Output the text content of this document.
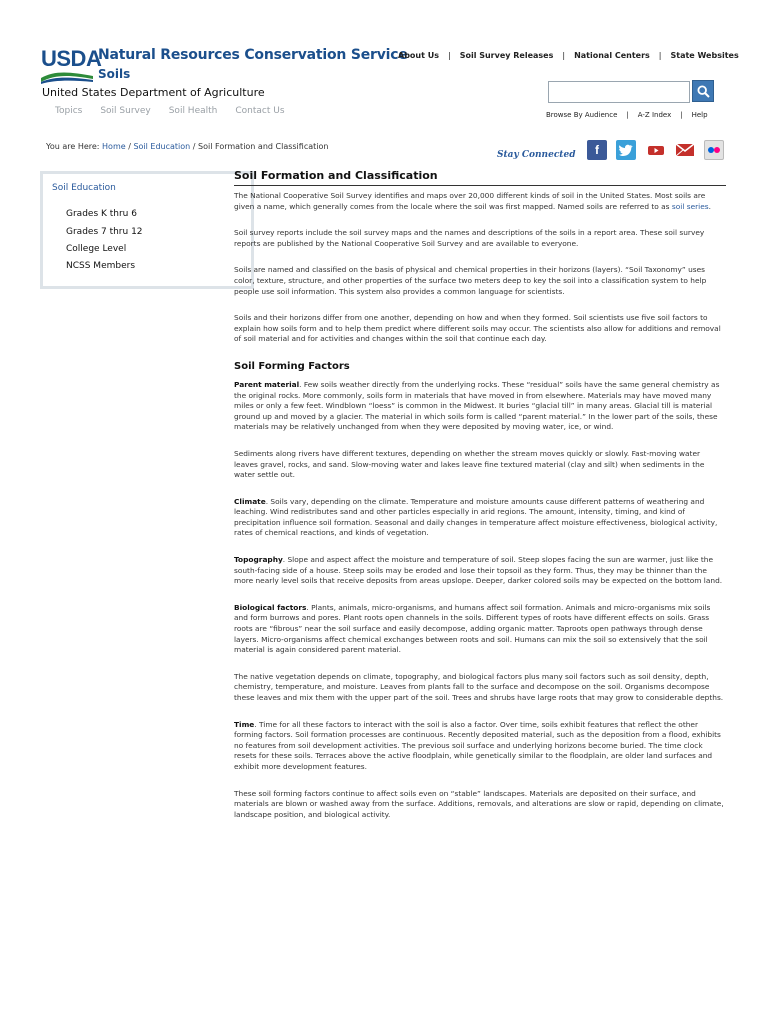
USDA
Natural Resources Conservation Service
Soils
United States Department of Agriculture
About Us | Soil Survey Releases | National Centers | State Websites
Browse By Audience | A-Z Index | Help
Topics Soil Survey Soil Health Contact Us
You are Here: Home / Soil Education / Soil Formation and Classification
Stay Connected	f
Soil Education
Grades K thru 6
Grades 7 thru 12
College Level
NCSS Members
Soil Formation and Classification

The National Cooperative Soil Survey identifies and maps over 20,000 different kinds of soil in the United States. Most soils are given a name, which generally comes from the locale where the soil was first mapped. Named soils are referred to as soil series.

Soil survey reports include the soil survey maps and the names and descriptions of the soils in a report area. These soil survey reports are published by the National Cooperative Soil Survey and are available to everyone.

Soils are named and classified on the basis of physical and chemical properties in their horizons (layers). “Soil Taxonomy” uses color, texture, structure, and other properties of the surface two meters deep to key the soil into a classification system to help people use soil information. This system also provides a common language for scientists.

Soils and their horizons differ from one another, depending on how and when they formed. Soil scientists use five soil factors to explain how soils form and to help them predict where different soils may occur. The scientists also allow for additions and removal of soil material and for activities and changes within the soil that continue each day.

Soil Forming Factors

Parent material. Few soils weather directly from the underlying rocks. These “residual” soils have the same general chemistry as the original rocks. More commonly, soils form in materials that have moved in from elsewhere. Materials may have moved many miles or only a few feet. Windblown “loess” is common in the Midwest. It buries “glacial till” in many areas. Glacial till is material ground up and moved by a glacier. The material in which soils form is called “parent material.” In the lower part of the soils, these materials may be relatively unchanged from when they were deposited by moving water, ice, or wind.

Sediments along rivers have different textures, depending on whether the stream moves quickly or slowly. Fast-moving water leaves gravel, rocks, and sand. Slow-moving water and lakes leave fine textured material (clay and silt) when sediments in the water settle out.

Climate. Soils vary, depending on the climate. Temperature and moisture amounts cause different patterns of weathering and leaching. Wind redistributes sand and other particles especially in arid regions. The amount, intensity, timing, and kind of precipitation influence soil formation. Seasonal and daily changes in temperature affect moisture effectiveness, biological activity, rates of chemical reactions, and kinds of vegetation.

Topography. Slope and aspect affect the moisture and temperature of soil. Steep slopes facing the sun are warmer, just like the south-facing side of a house. Steep soils may be eroded and lose their topsoil as they form. Thus, they may be thinner than the more nearly level soils that receive deposits from areas upslope. Deeper, darker colored soils may be expected on the bottom land.

Biological factors. Plants, animals, micro-organisms, and humans affect soil formation. Animals and micro-organisms mix soils and form burrows and pores. Plant roots open channels in the soils. Different types of roots have different effects on soils. Grass roots are “fibrous” near the soil surface and easily decompose, adding organic matter. Taproots open pathways through dense layers. Micro-organisms affect chemical exchanges between roots and soil. Humans can mix the soil so extensively that the soil material is again considered parent material.

The native vegetation depends on climate, topography, and biological factors plus many soil factors such as soil density, depth, chemistry, temperature, and moisture. Leaves from plants fall to the surface and decompose on the soil. Organisms decompose these leaves and mix them with the upper part of the soil. Trees and shrubs have large roots that may grow to considerable depths.

Time. Time for all these factors to interact with the soil is also a factor. Over time, soils exhibit features that reflect the other forming factors. Soil formation processes are continuous. Recently deposited material, such as the deposition from a flood, exhibits no features from soil development activities. The previous soil surface and underlying horizons become buried. The time clock resets for these soils. Terraces above the active floodplain, while genetically similar to the floodplain, are older land surfaces and exhibit more development features.

These soil forming factors continue to affect soils even on “stable” landscapes. Materials are deposited on their surface, and materials are blown or washed away from the surface. Additions, removals, and alterations are slow or rapid, depending on climate, landscape position, and biological activity.
